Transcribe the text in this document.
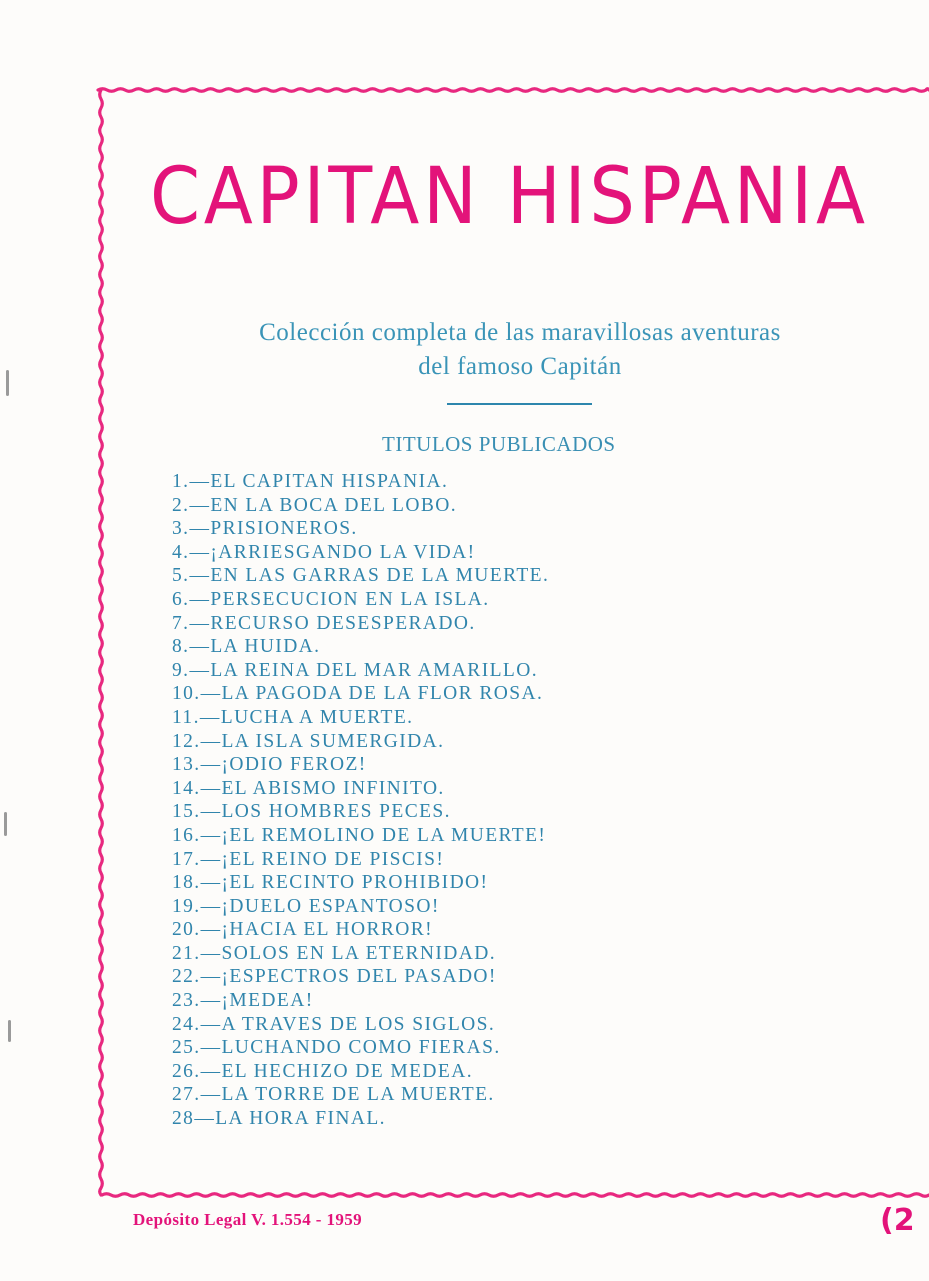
CAPITAN HISPANIA
Colección completa de las maravillosas aventuras
del famoso Capitán
TITULOS PUBLICADOS
1.—EL CAPITAN HISPANIA.
2.—EN LA BOCA DEL LOBO.
3.—PRISIONEROS.
4.—¡ARRIESGANDO LA VIDA!
5.—EN LAS GARRAS DE LA MUERTE.
6.—PERSECUCION EN LA ISLA.
7.—RECURSO DESESPERADO.
8.—LA HUIDA.
9.—LA REINA DEL MAR AMARILLO.
10.—LA PAGODA DE LA FLOR ROSA.
11.—LUCHA A MUERTE.
12.—LA ISLA SUMERGIDA.
13.—¡ODIO FEROZ!
14.—EL ABISMO INFINITO.
15.—LOS HOMBRES PECES.
16.—¡EL REMOLINO DE LA MUERTE!
17.—¡EL REINO DE PISCIS!
18.—¡EL RECINTO PROHIBIDO!
19.—¡DUELO ESPANTOSO!
20.—¡HACIA EL HORROR!
21.—SOLOS EN LA ETERNIDAD.
22.—¡ESPECTROS DEL PASADO!
23.—¡MEDEA!
24.—A TRAVES DE LOS SIGLOS.
25.—LUCHANDO COMO FIERAS.
26.—EL HECHIZO DE MEDEA.
27.—LA TORRE DE LA MUERTE.
28—LA HORA FINAL.
Depósito Legal V. 1.554 - 1959	(2
